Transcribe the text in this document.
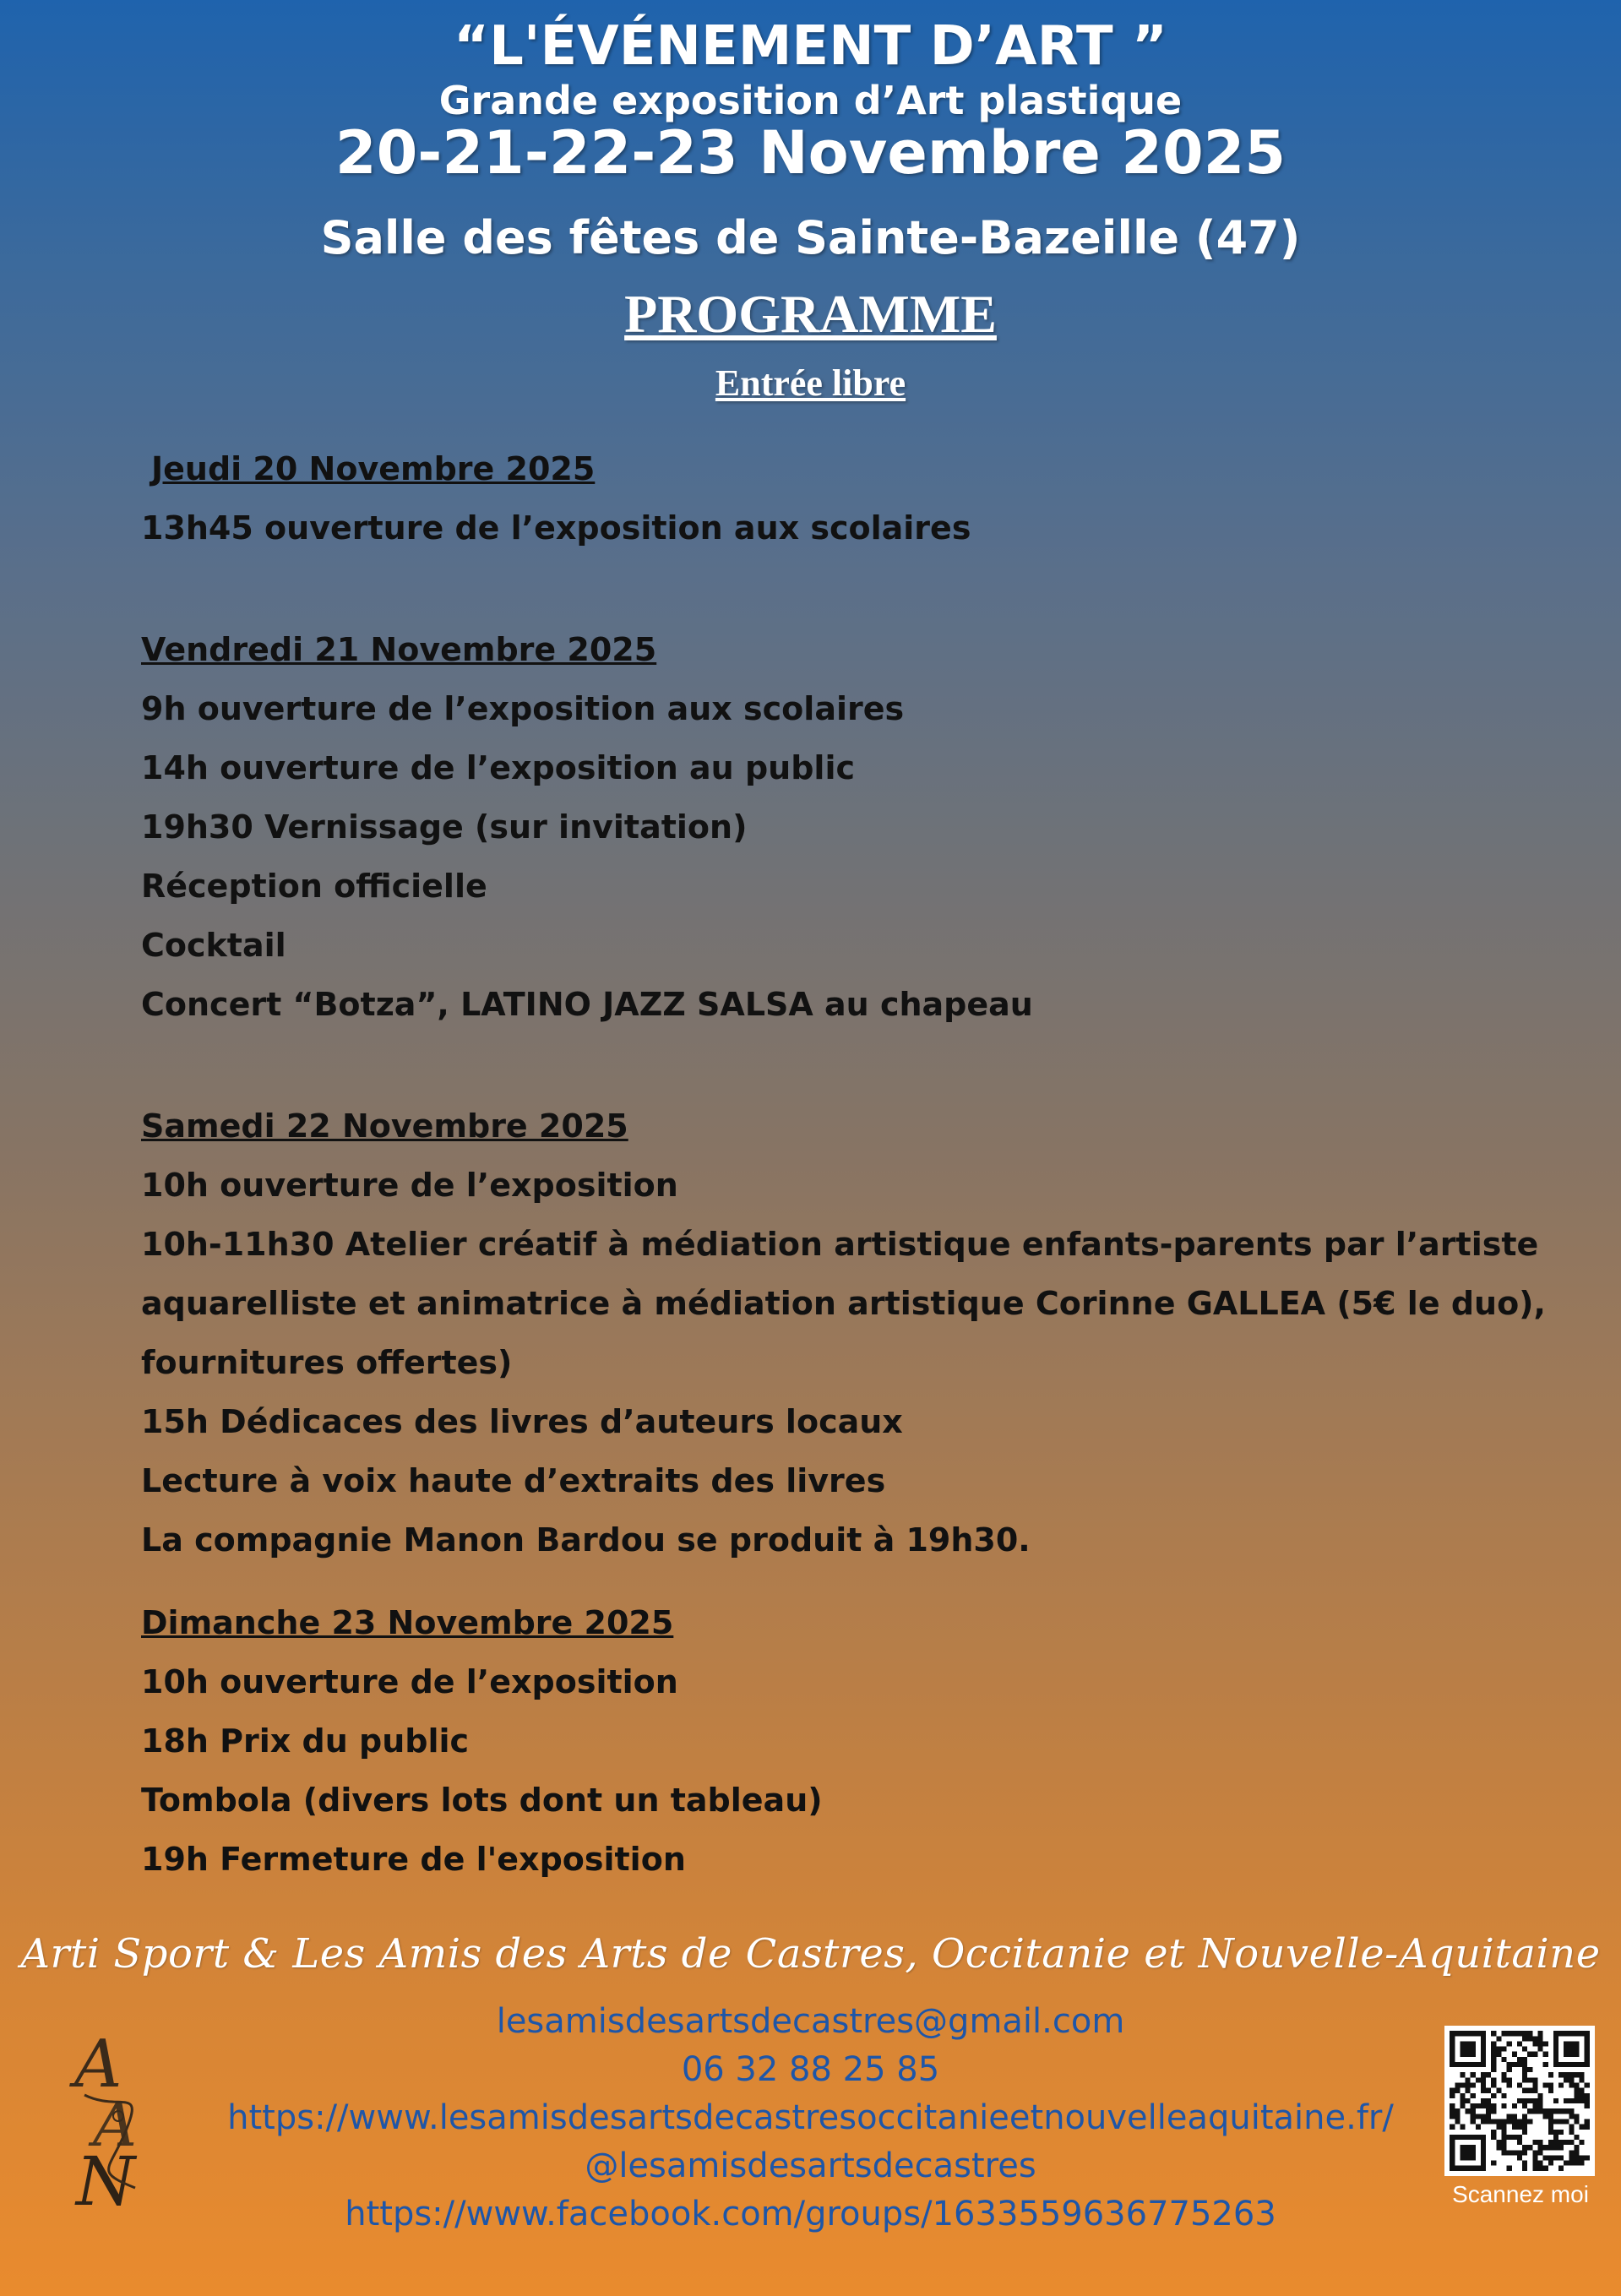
“L'ÉVÉNEMENT D’ART ”
Grande exposition d’Art plastique
20-21-22-23 Novembre 2025
Salle des fêtes de Sainte-Bazeille (47)
PROGRAMME
Entrée libre
Jeudi 20 Novembre 2025
13h45 ouverture de l’exposition aux scolaires
Vendredi 21 Novembre 2025
9h ouverture de l’exposition aux scolaires
14h ouverture de l’exposition au public
19h30 Vernissage (sur invitation)
Réception officielle
Cocktail
Concert “Botza”, LATINO JAZZ SALSA au chapeau
Samedi 22 Novembre 2025
10h ouverture de l’exposition
10h-11h30 Atelier créatif à médiation artistique enfants-parents par l’artiste
aquarelliste et animatrice à médiation artistique Corinne GALLEA (5€ le duo),
fournitures offertes)
15h Dédicaces des livres d’auteurs locaux
Lecture à voix haute d’extraits des livres
La compagnie Manon Bardou se produit à 19h30.
Dimanche 23 Novembre 2025
10h ouverture de l’exposition
18h Prix du public
Tombola (divers lots dont un tableau)
19h Fermeture de l'exposition
Arti Sport & Les Amis des Arts de Castres, Occitanie et Nouvelle-Aquitaine
lesamisdesartsdecastres@gmail.com
06 32 88 25 85
https://www.lesamisdesartsdecastresoccitanieetnouvelleaquitaine.fr/
@lesamisdesartsdecastres
https://www.facebook.com/groups/1633559636775263
A
A
N	Scannez moi
